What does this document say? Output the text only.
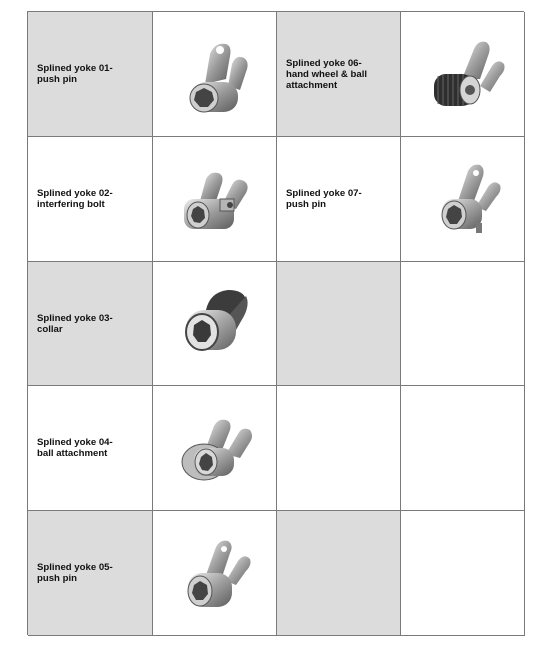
Splined yoke 01-
push pin
Splined yoke 06-
hand wheel & ball
attachment
Splined yoke 02-
interfering bolt
Splined yoke 07-
push pin
Splined yoke 03-
collar
Splined yoke 04-
ball attachment
Splined yoke 05-
push pin
